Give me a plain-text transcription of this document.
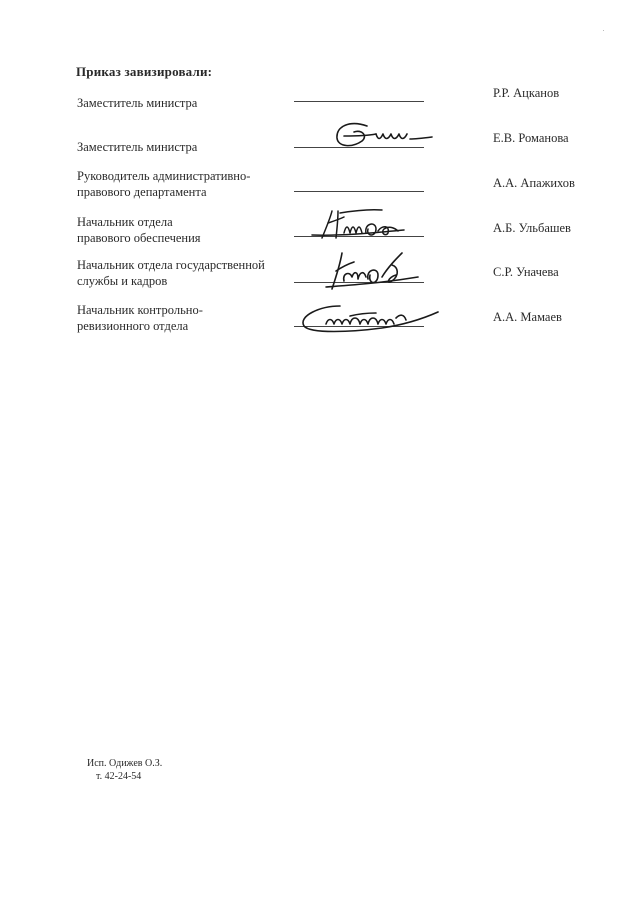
Приказ завизировали:
Заместитель министра
Р.Р. Ацканов
Заместитель министра
Е.В. Романова
Руководитель административно-
правового департамента
А.А. Апажихов
Начальник отдела
правового обеспечения
А.Б. Ульбашев
Начальник отдела государственной
службы и кадров
С.Р. Уначева
Начальник контрольно-
ревизионного отдела
А.А. Мамаев
Исп. Одижев О.З.
т. 42-24-54
